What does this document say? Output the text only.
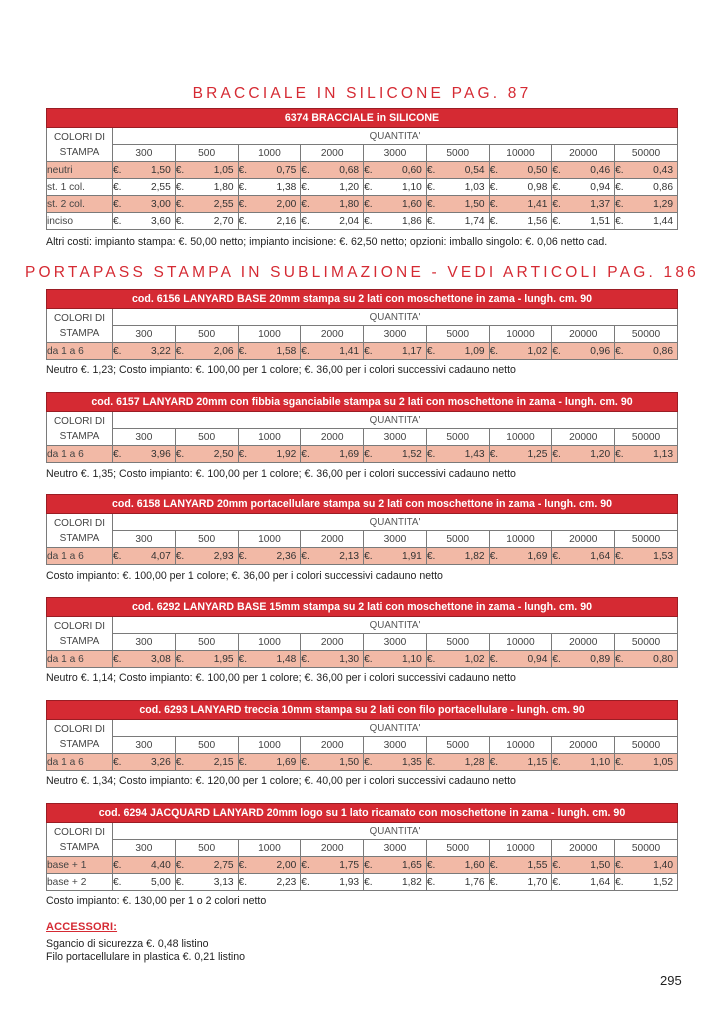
BRACCIALE IN SILICONE PAG. 87
PORTAPASS STAMPA IN SUBLIMAZIONE - VEDI ARTICOLI PAG. 186
6374 BRACCIALE in SILICONE									
COLORI DI
STAMPA	QUANTITA'								
	300	500	1000	2000	3000	5000	10000	20000	50000
neutri	€. 1,50	€. 1,05	€. 0,75	€. 0,68	€. 0,60	€. 0,54	€. 0,50	€. 0,46	€. 0,43

st. 1 col.	€. 2,55	€. 1,80	€. 1,38	€. 1,20	€. 1,10	€. 1,03	€. 0,98	€. 0,94	€. 0,86

st. 2 col.	€. 3,00	€. 2,55	€. 2,00	€. 1,80	€. 1,60	€. 1,50	€. 1,41	€. 1,37	€. 1,29

inciso	€. 3,60	€. 2,70	€. 2,16	€. 2,04	€. 1,86	€. 1,74	€. 1,56	€. 1,51	€. 1,44
Altri costi: impianto stampa: €. 50,00 netto; impianto incisione: €. 62,50 netto; opzioni: imballo singolo: €. 0,06 netto cad.
cod. 6156 LANYARD BASE 20mm stampa su 2 lati con moschettone in zama - lungh. cm. 90									
COLORI DI
STAMPA	QUANTITA'								
	300	500	1000	2000	3000	5000	10000	20000	50000
da 1 a 6	€. 3,22	€. 2,06	€. 1,58	€. 1,41	€. 1,17	€. 1,09	€. 1,02	€. 0,96	€. 0,86
Neutro €. 1,23; Costo impianto: €. 100,00 per 1 colore; €. 36,00 per i colori successivi cadauno netto
cod. 6157 LANYARD 20mm con fibbia sganciabile stampa su 2 lati con moschettone in zama - lungh. cm. 90									
COLORI DI
STAMPA	QUANTITA'								
	300	500	1000	2000	3000	5000	10000	20000	50000
da 1 a 6	€. 3,96	€. 2,50	€. 1,92	€. 1,69	€. 1,52	€. 1,43	€. 1,25	€. 1,20	€. 1,13
Neutro €. 1,35; Costo impianto: €. 100,00 per 1 colore; €. 36,00 per i colori successivi cadauno netto
cod. 6158 LANYARD 20mm portacellulare stampa su 2 lati con moschettone in zama - lungh. cm. 90									
COLORI DI
STAMPA	QUANTITA'								
	300	500	1000	2000	3000	5000	10000	20000	50000
da 1 a 6	€. 4,07	€. 2,93	€. 2,36	€. 2,13	€. 1,91	€. 1,82	€. 1,69	€. 1,64	€. 1,53
Costo impianto: €. 100,00 per 1 colore; €. 36,00 per i colori successivi cadauno netto
cod. 6292 LANYARD BASE 15mm stampa su 2 lati con moschettone in zama - lungh. cm. 90									
COLORI DI
STAMPA	QUANTITA'								
	300	500	1000	2000	3000	5000	10000	20000	50000
da 1 a 6	€. 3,08	€. 1,95	€. 1,48	€. 1,30	€. 1,10	€. 1,02	€. 0,94	€. 0,89	€. 0,80
Neutro €. 1,14; Costo impianto: €. 100,00 per 1 colore; €. 36,00 per i colori successivi cadauno netto
cod. 6293 LANYARD treccia 10mm stampa su 2 lati con filo portacellulare - lungh. cm. 90									
COLORI DI
STAMPA	QUANTITA'								
	300	500	1000	2000	3000	5000	10000	20000	50000
da 1 a 6	€. 3,26	€. 2,15	€. 1,69	€. 1,50	€. 1,35	€. 1,28	€. 1,15	€. 1,10	€. 1,05
Neutro €. 1,34; Costo impianto: €. 120,00 per 1 colore; €. 40,00 per i colori successivi cadauno netto
cod. 6294 JACQUARD LANYARD 20mm logo su 1 lato ricamato con moschettone in zama - lungh. cm. 90									
COLORI DI
STAMPA	QUANTITA'								
	300	500	1000	2000	3000	5000	10000	20000	50000
base + 1	€. 4,40	€. 2,75	€. 2,00	€. 1,75	€. 1,65	€. 1,60	€. 1,55	€. 1,50	€. 1,40

base + 2	€. 5,00	€. 3,13	€. 2,23	€. 1,93	€. 1,82	€. 1,76	€. 1,70	€. 1,64	€. 1,52
Costo impianto: €. 130,00 per 1 o 2 colori netto
ACCESSORI:
Sgancio di sicurezza €. 0,48 listino
Filo portacellulare in plastica €. 0,21 listino
295
